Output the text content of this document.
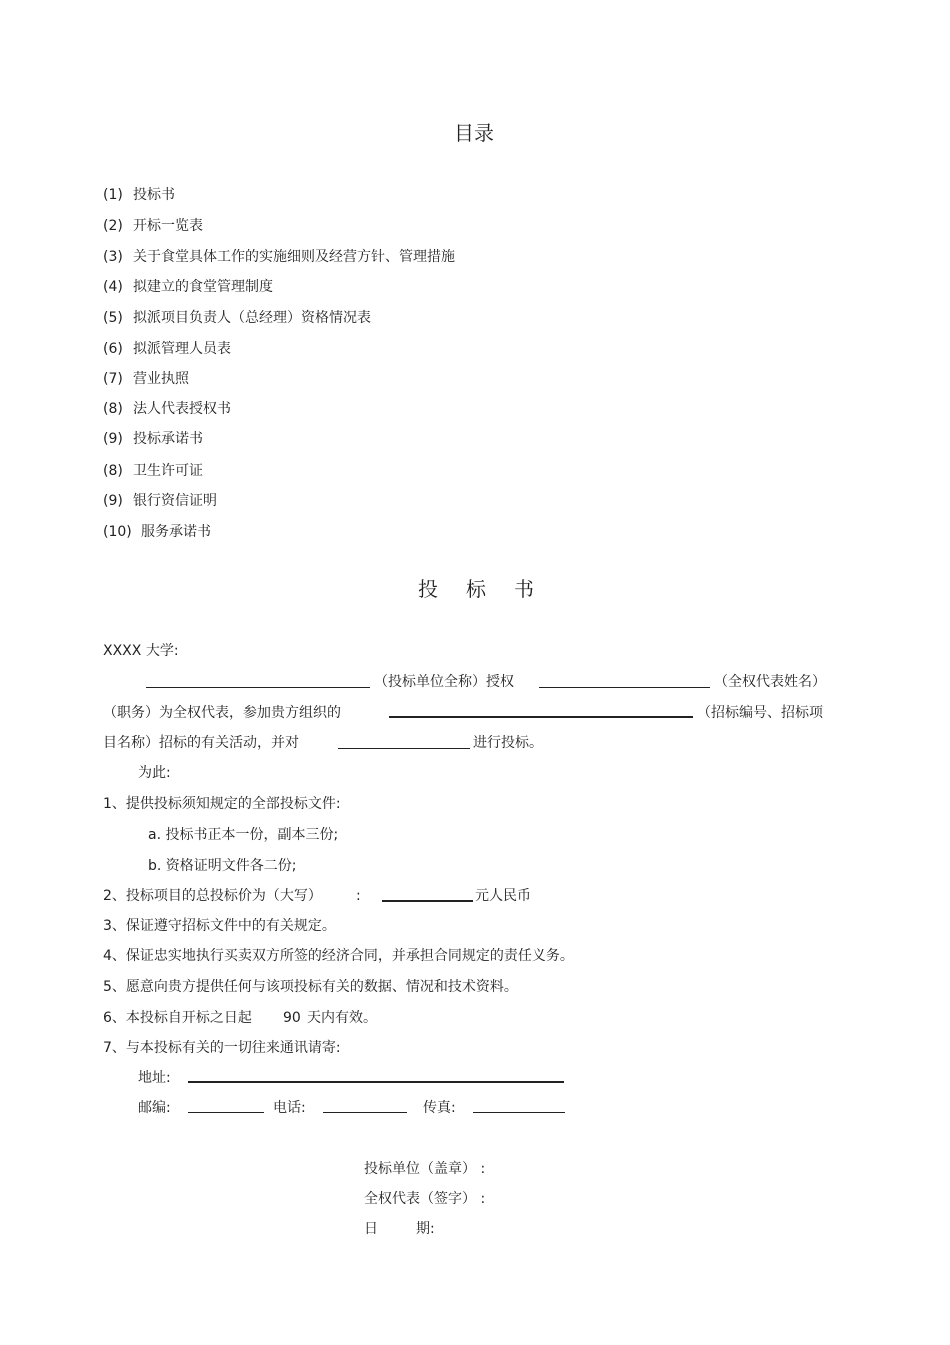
目录
(1) 投标书
(2) 开标一览表
(3) 关于食堂具体工作的实施细则及经营方针、管理措施
(4) 拟建立的食堂管理制度
(5) 拟派项目负责人（总经理）资格情况表
(6) 拟派管理人员表
(7) 营业执照
(8) 法人代表授权书
(9) 投标承诺书
(8) 卫生许可证
(9) 银行资信证明
(10) 服务承诺书
投标书
XXXX 大学:
（投标单位全称）授权	（全权代表姓名）
（职务）为全权代表，参加贵方组织的	（招标编号、招标项
目名称）招标的有关活动，并对	进行投标。
为此:
1、提供投标须知规定的全部投标文件:
a. 投标书正本一份，副本三份;
b. 资格证明文件各二份;
2、投标项目的总投标价为（大写） :	元人民币
3、保证遵守招标文件中的有关规定。
4、保证忠实地执行买卖双方所签的经济合同，并承担合同规定的责任义务。
5、愿意向贵方提供任何与该项投标有关的数据、情况和技术资料。
6、本投标自开标之日起 90 天内有效。
7、与本投标有关的一切往来通讯请寄:
地址:
邮编:	电话:	传真:
投标单位（盖章） :
全权代表（签字） :
日	期:
